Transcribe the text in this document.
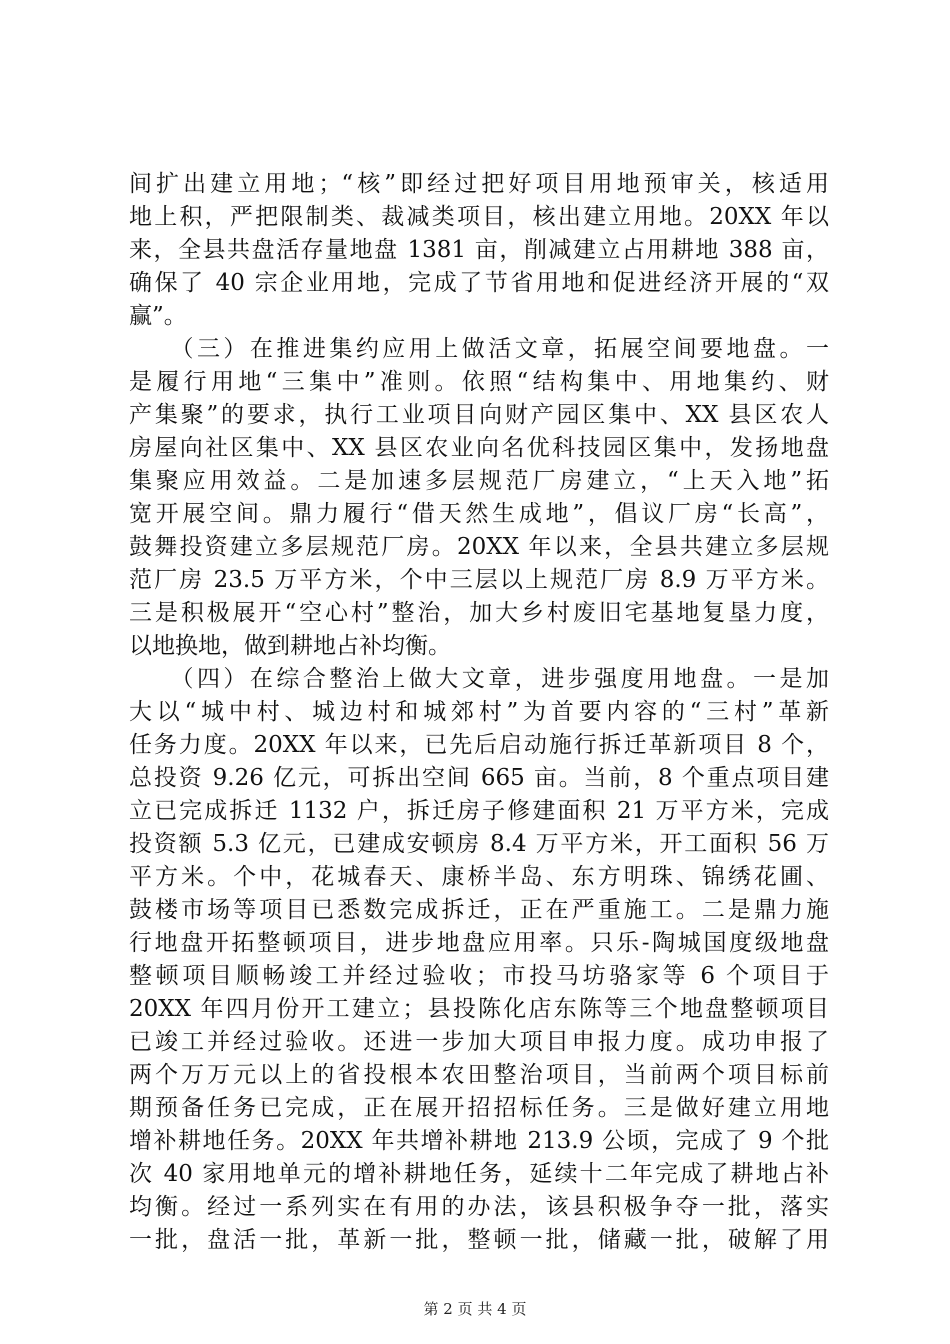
间扩出建立用地；“核”即经过把好项目用地预审关，核适用
地上积，严把限制类、裁减类项目，核出建立用地。20XX 年以
来，全县共盘活存量地盘 1381 亩，削减建立占用耕地 388 亩，
确保了 40 宗企业用地，完成了节省用地和促进经济开展的“双
赢”。
　　（三）在推进集约应用上做活文章，拓展空间要地盘。一
是履行用地“三集中”准则。依照“结构集中、用地集约、财
产集聚”的要求，执行工业项目向财产园区集中、XX 县区农人
房屋向社区集中、XX 县区农业向名优科技园区集中，发扬地盘
集聚应用效益。二是加速多层规范厂房建立，“上天入地”拓
宽开展空间。鼎力履行“借天然生成地”，倡议厂房“长高”，
鼓舞投资建立多层规范厂房。20XX 年以来，全县共建立多层规
范厂房 23.5 万平方米，个中三层以上规范厂房 8.9 万平方米。
三是积极展开“空心村”整治，加大乡村废旧宅基地复垦力度，
以地换地，做到耕地占补均衡。
　　（四）在综合整治上做大文章，进步强度用地盘。一是加
大以“城中村、城边村和城郊村”为首要内容的“三村”革新
任务力度。20XX 年以来，已先后启动施行拆迁革新项目 8 个，
总投资 9.26 亿元，可拆出空间 665 亩。当前，8 个重点项目建
立已完成拆迁 1132 户，拆迁房子修建面积 21 万平方米，完成
投资额 5.3 亿元，已建成安顿房 8.4 万平方米，开工面积 56 万
平方米。个中，花城春天、康桥半岛、东方明珠、锦绣花圃、
鼓楼市场等项目已悉数完成拆迁，正在严重施工。二是鼎力施
行地盘开拓整顿项目，进步地盘应用率。只乐-陶城国度级地盘
整顿项目顺畅竣工并经过验收；市投马坊骆家等 6 个项目于
20XX 年四月份开工建立；县投陈化店东陈等三个地盘整顿项目
已竣工并经过验收。还进一步加大项目申报力度。成功申报了
两个万万元以上的省投根本农田整治项目，当前两个项目标前
期预备任务已完成，正在展开招招标任务。三是做好建立用地
增补耕地任务。20XX 年共增补耕地 213.9 公顷，完成了 9 个批
次 40 家用地单元的增补耕地任务，延续十二年完成了耕地占补
均衡。经过一系列实在有用的办法，该县积极争夺一批，落实
一批，盘活一批，革新一批，整顿一批，储藏一批，破解了用
第 2 页 共 4 页
